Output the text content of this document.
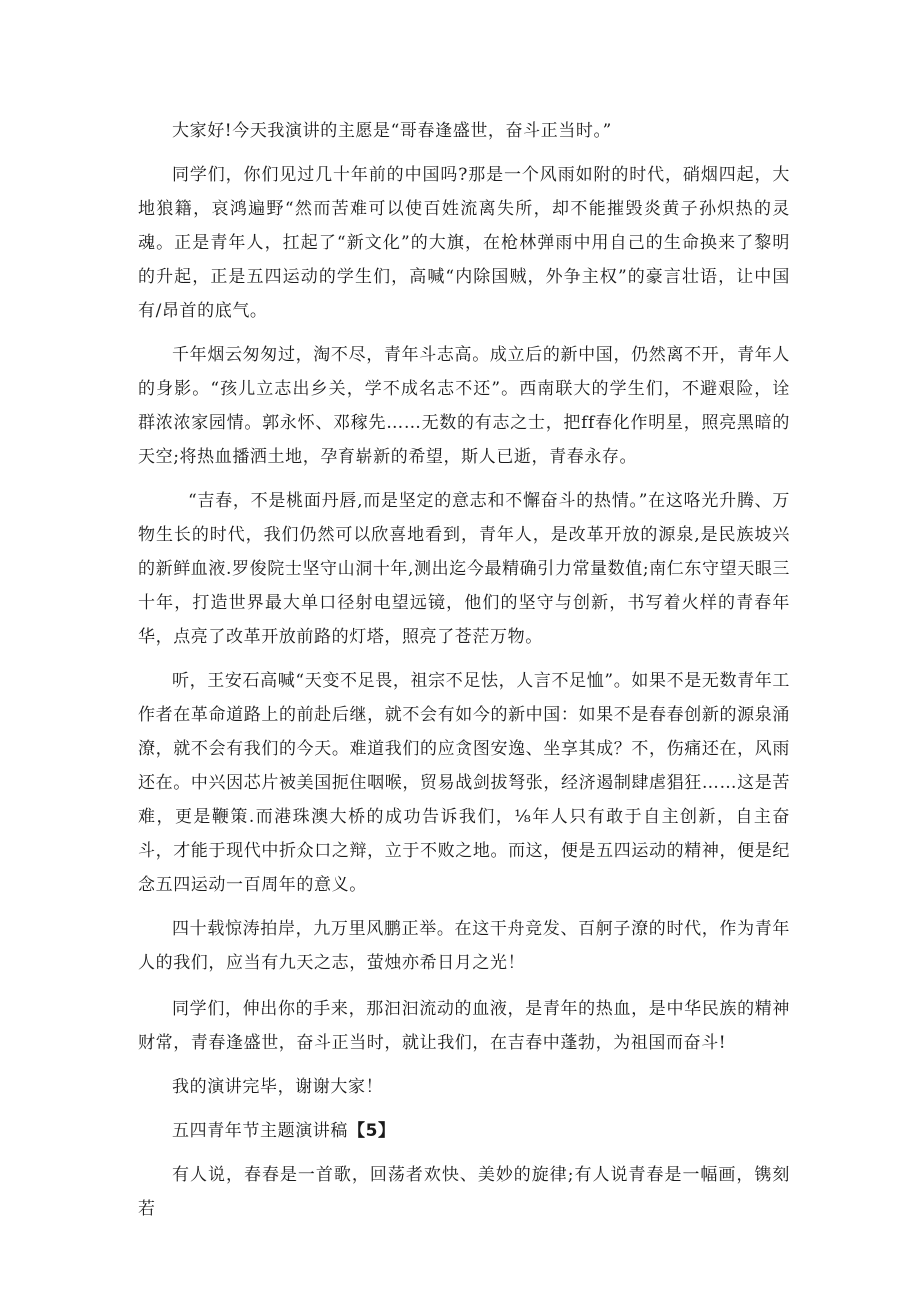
大家好!今天我演讲的主愿是“哥春逢盛世，奋斗正当时。”

同学们，你们见过几十年前的中国吗?那是一个风雨如附的时代，硝烟四起，大地狼籍，哀鸿遍野“然而苦难可以使百姓流离失所，却不能摧毁炎黄子孙炽热的灵魂。正是青年人，扛起了“新文化”的大旗，在枪林弹雨中用自己的生命换来了黎明的升起，正是五四运动的学生们，高喊“内除国贼，外争主权”的豪言壮语，让中国有/昂首的底气。

千年烟云匆匆过，淘不尽，青年斗志高。成立后的新中国，仍然离不开，青年人的身影。“孩儿立志出乡关，学不成名志不还”。西南联大的学生们，不避艰险，诠群浓浓家园情。郭永怀、邓稼先……无数的有志之士，把ff春化作明星，照亮黑暗的天空;将热血播洒土地，孕育崭新的希望，斯人已逝，青春永存。

“吉春，不是桃面丹唇,而是坚定的意志和不懈奋斗的热情。”在这咯光升腾、万物生长的时代，我们仍然可以欣喜地看到，青年人，是改革开放的源泉,是民族坡兴的新鲜血液.罗俊院士坚守山洞十年,测出迄今最精确引力常量数值;南仁东守望天眼三十年，打造世界最大单口径射电望远镜，他们的坚守与创新，书写着火样的青春年华，点亮了改革开放前路的灯塔，照亮了苍茫万物。

听，王安石高喊“天变不足畏，祖宗不足怯，人言不足恤”。如果不是无数青年工作者在革命道路上的前赴后继，就不会有如今的新中国：如果不是春春创新的源泉涌潦，就不会有我们的今天。难道我们的应贪图安逸、坐享其成？不，伤痛还在，风雨还在。中兴因芯片被美国扼住咽喉，贸易战剑拔弩张，经济遏制肆虐猖狂……这是苦难，更是鞭策.而港珠澳大桥的成功告诉我们，⅛年人只有敢于自主创新，自主奋斗，才能于现代中折众口之辩，立于不败之地。而这，便是五四运动的精神，便是纪念五四运动一百周年的意义。

四十载惊涛拍岸，九万里风鹏正举。在这干舟竞发、百舸子潦的时代，作为青年人的我们，应当有九天之志，萤烛亦希日月之光！

同学们，伸出你的手来，那汩汩流动的血液，是青年的热血，是中华民族的精神财常，青春逢盛世，奋斗正当时，就让我们，在吉春中蓬勃，为祖国而奋斗!

我的演讲完毕，谢谢大家！

五四青年节主题演讲稿【5】

有人说，春春是一首歌，回荡者欢快、美妙的旋律;有人说青春是一幅画，镌刻若
